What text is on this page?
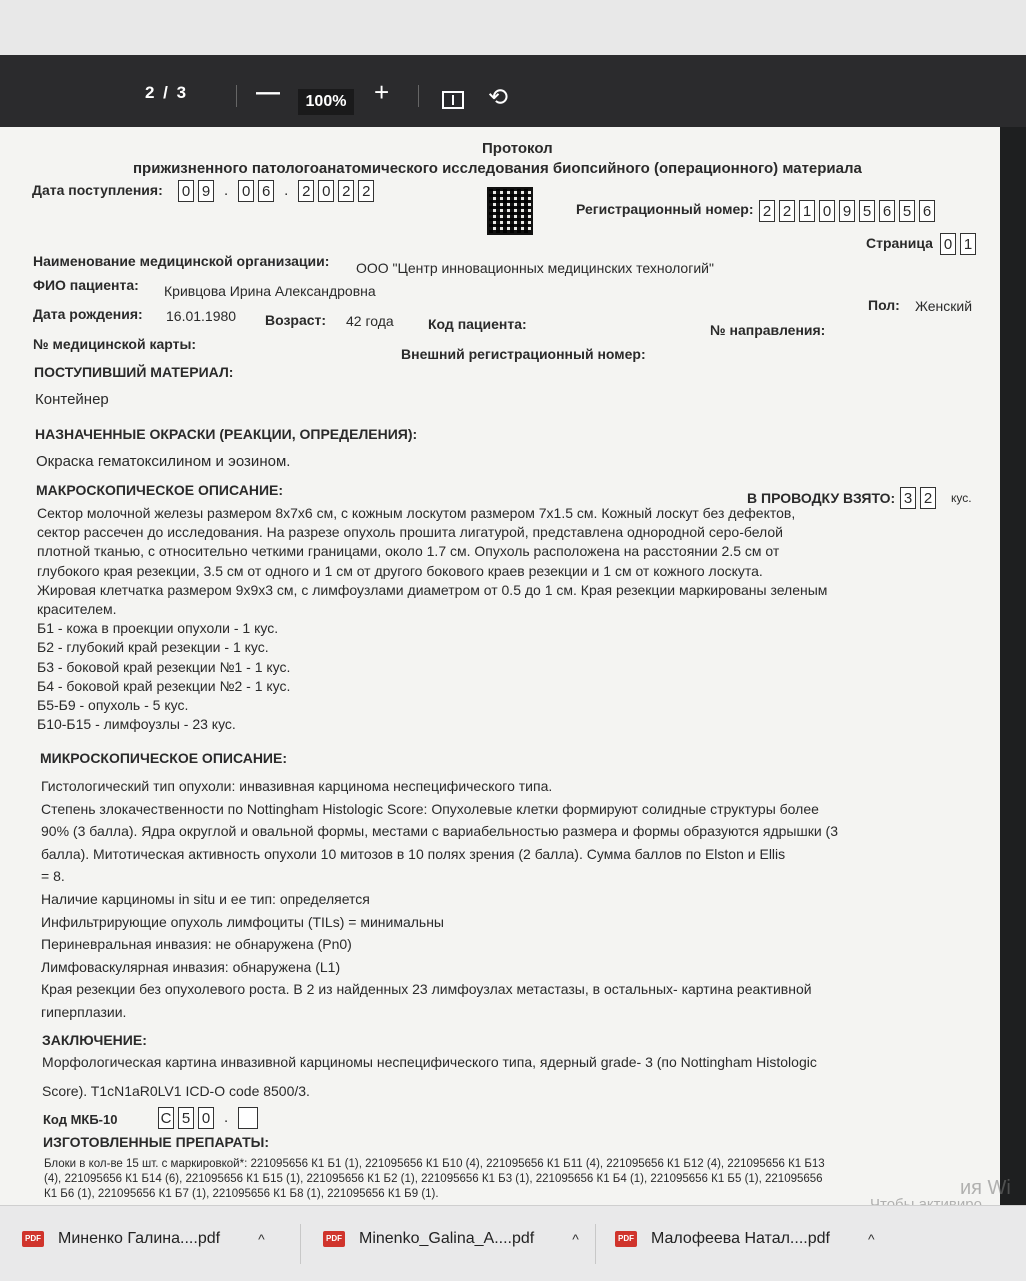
2 / 3	—	100% +	⟲
Протокол
прижизненного патологоанатомического исследования биопсийного (операционного) материала
Дата поступления: 0 9 . 0 6 . 2 0 2 2
Регистрационный номер: 2 2 1 0 9 5 6 5 6
Страница 0 1
Наименование медицинской организации: ООО "Центр инновационных медицинских технологий"
ФИО пациента: Кривцова Ирина Александровна
Пол: Женский
Дата рождения: 16.01.1980 Возраст: 42 года Код пациента:	№ направления:
№ медицинской карты:
Внешний регистрационный номер:
ПОСТУПИВШИЙ МАТЕРИАЛ:
Контейнер
НАЗНАЧЕННЫЕ ОКРАСКИ (РЕАКЦИИ, ОПРЕДЕЛЕНИЯ):
Окраска гематоксилином и эозином.
МАКРОСКОПИЧЕСКОЕ ОПИСАНИЕ:	В ПРОВОДКУ ВЗЯТО: 3 2	кус.
Сектор молочной железы размером 8х7х6 см, с кожным лоскутом размером 7х1.5 см. Кожный лоскут без дефектов,
сектор рассечен до исследования. На разрезе опухоль прошита лигатурой, представлена однородной серо-белой
плотной тканью, с относительно четкими границами, около 1.7 см. Опухоль расположена на расстоянии 2.5 см от
глубокого края резекции, 3.5 см от одного и 1 см от другого бокового краев резекции и 1 см от кожного лоскута.
Жировая клетчатка размером 9х9х3 см, с лимфоузлами диаметром от 0.5 до 1 см. Края резекции маркированы зеленым
красителем.
Б1 - кожа в проекции опухоли - 1 кус.
Б2 - глубокий край резекции - 1 кус.
Б3 - боковой край резекции №1 - 1 кус.
Б4 - боковой край резекции №2 - 1 кус.
Б5-Б9 - опухоль - 5 кус.
Б10-Б15 - лимфоузлы - 23 кус.
МИКРОСКОПИЧЕСКОЕ ОПИСАНИЕ:
Гистологический тип опухоли: инвазивная карцинома неспецифического типа.
Степень злокачественности по Nottingham Histologic Score: Опухолевые клетки формируют солидные структуры более
90% (3 балла). Ядра округлой и овальной формы, местами с вариабельностью размера и формы образуются ядрышки (3
балла). Митотическая активность опухоли 10 митозов в 10 полях зрения (2 балла). Сумма баллов по Elston и Ellis
= 8.
Наличие карциномы in situ и ее тип: определяется
Инфильтрирующие опухоль лимфоциты (TILs) = минимальны
Периневральная инвазия: не обнаружена (Pn0)
Лимфоваскулярная инвазия: обнаружена (L1)
Края резекции без опухолевого роста. В 2 из найденных 23 лимфоузлах метастазы, в остальных- картина реактивной
гиперплазии.
ЗАКЛЮЧЕНИЕ:
Морфологическая картина инвазивной карциномы неспецифического типа, ядерный grade- 3 (по Nottingham Histologic
Score). T1cN1aR0LV1 ICD-O code 8500/3.
Код МКБ-10	C 5 0 .
ИЗГОТОВЛЕННЫЕ ПРЕПАРАТЫ:
Блоки в кол-ве 15 шт. с маркировкой*: 221095656 К1 Б1 (1), 221095656 К1 Б10 (4), 221095656 К1 Б11 (4), 221095656 К1 Б12 (4), 221095656 К1 Б13
(4), 221095656 К1 Б14 (6), 221095656 К1 Б15 (1), 221095656 К1 Б2 (1), 221095656 К1 Б3 (1), 221095656 К1 Б4 (1), 221095656 К1 Б5 (1), 221095656
К1 Б6 (1), 221095656 К1 Б7 (1), 221095656 К1 Б8 (1), 221095656 К1 Б9 (1).	ия Wi
PDF Миненко Галина....pdf	^	PDF Minenko_Galina_A....pdf	^	PDF Малофеева Натал....pdf	^
